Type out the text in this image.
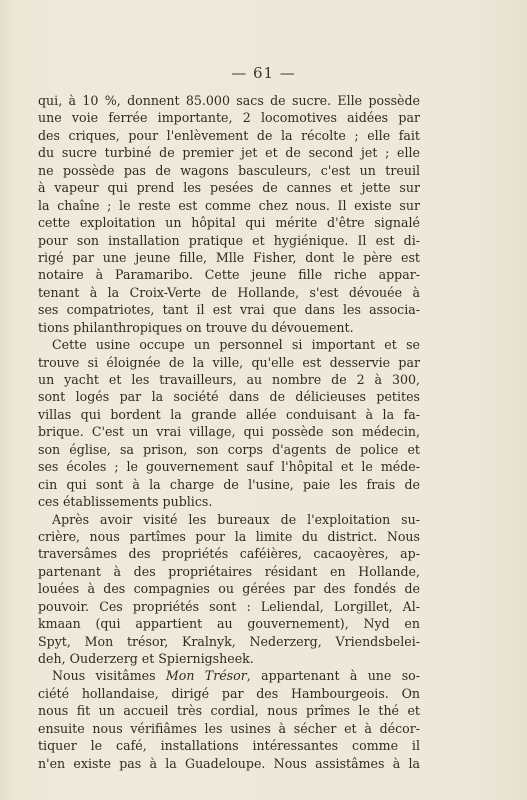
— 61 —
qui, à 10 %, donnent 85.000 sacs de sucre. Elle possède
une voie ferrée importante, 2 locomotives aidées par
des criques, pour l'enlèvement de la récolte ; elle fait
du sucre turbiné de premier jet et de second jet ; elle
ne possède pas de wagons basculeurs, c'est un treuil
à vapeur qui prend les pesées de cannes et jette sur
la chaîne ; le reste est comme chez nous. Il existe sur
cette exploitation un hôpital qui mérite d'être signalé
pour son installation pratique et hygiénique. Il est di-
rigé par une jeune fille, Mlle Fisher, dont le père est
notaire à Paramaribo. Cette jeune fille riche appar-
tenant à la Croix-Verte de Hollande, s'est dévouée à
ses compatriotes, tant il est vrai que dans les associa-
tions philanthropiques on trouve du dévouement.
Cette usine occupe un personnel si important et se
trouve si éloignée de la ville, qu'elle est desservie par
un yacht et les travailleurs, au nombre de 2 à 300,
sont logés par la société dans de délicieuses petites
villas qui bordent la grande allée conduisant à la fa-
brique. C'est un vrai village, qui possède son médecin,
son église, sa prison, son corps d'agents de police et
ses écoles ; le gouvernement sauf l'hôpital et le méde-
cin qui sont à la charge de l'usine, paie les frais de
ces établissements publics.
Après avoir visité les bureaux de l'exploitation su-
crière, nous partîmes pour la limite du district. Nous
traversâmes des propriétés caféières, cacaoyères, ap-
partenant à des propriétaires résidant en Hollande,
louées à des compagnies ou gérées par des fondés de
pouvoir. Ces propriétés sont : Leliendal, Lorgillet, Al-
kmaan (qui appartient au gouvernement), Nyd en
Spyt, Mon trésor, Kralnyk, Nederzerg, Vriendsbelei-
deh, Ouderzerg et Spiernigsheek.
Nous visitâmes Mon Trésor, appartenant à une so-
ciété hollandaise, dirigé par des Hambourgeois. On
nous fit un accueil très cordial, nous prîmes le thé et
ensuite nous vérifiâmes les usines à sécher et à décor-
tiquer le café, installations intéressantes comme il
n'en existe pas à la Guadeloupe. Nous assistâmes à la
